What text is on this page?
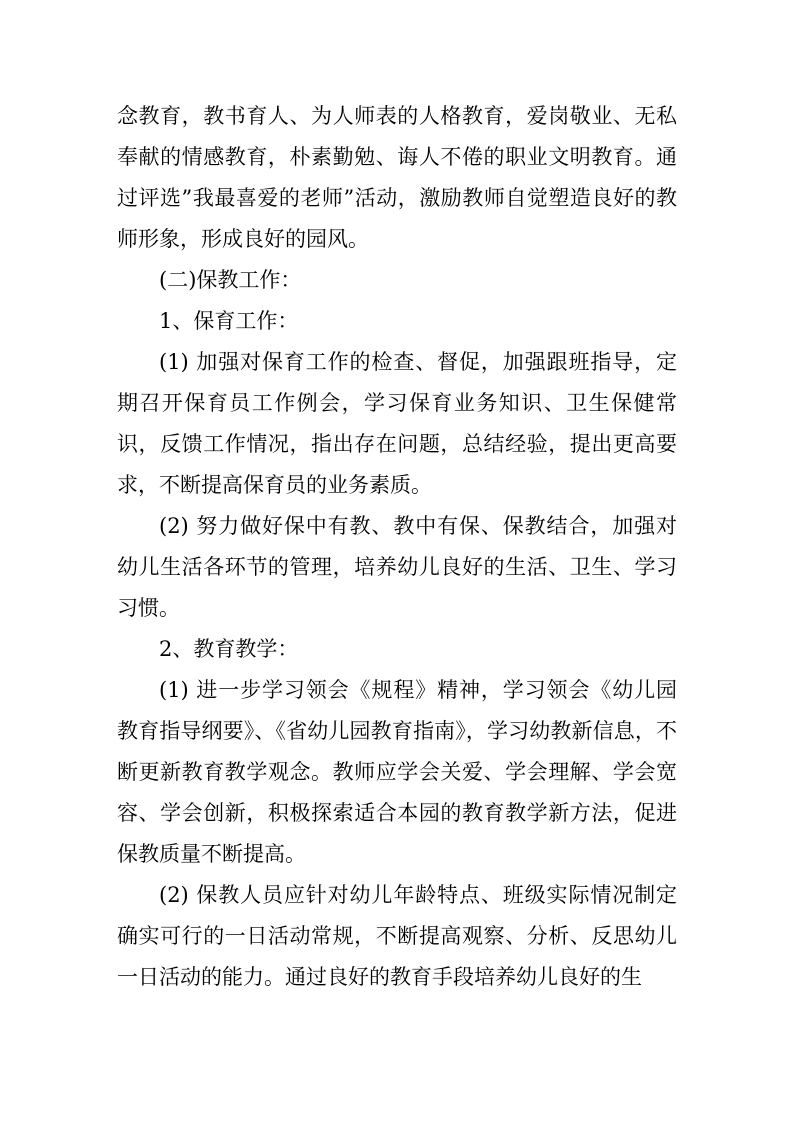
念教育，教书育人、为人师表的人格教育，爱岗敬业、无私奉献的情感教育，朴素勤勉、诲人不倦的职业文明教育。通过评选”我最喜爱的老师”活动，激励教师自觉塑造良好的教师形象，形成良好的园风。

(二)保教工作：

1、保育工作：

(1) 加强对保育工作的检查、督促，加强跟班指导，定期召开保育员工作例会，学习保育业务知识、卫生保健常识，反馈工作情况，指出存在问题，总结经验，提出更高要求，不断提高保育员的业务素质。

(2) 努力做好保中有教、教中有保、保教结合，加强对幼儿生活各环节的管理，培养幼儿良好的生活、卫生、学习习惯。

2、教育教学：

(1) 进一步学习领会《规程》精神，学习领会《幼儿园教育指导纲要》、《省幼儿园教育指南》，学习幼教新信息，不断更新教育教学观念。教师应学会关爱、学会理解、学会宽容、学会创新，积极探索适合本园的教育教学新方法，促进保教质量不断提高。

(2) 保教人员应针对幼儿年龄特点、班级实际情况制定确实可行的一日活动常规，不断提高观察、分析、反思幼儿一日活动的能力。通过良好的教育手段培养幼儿良好的生
